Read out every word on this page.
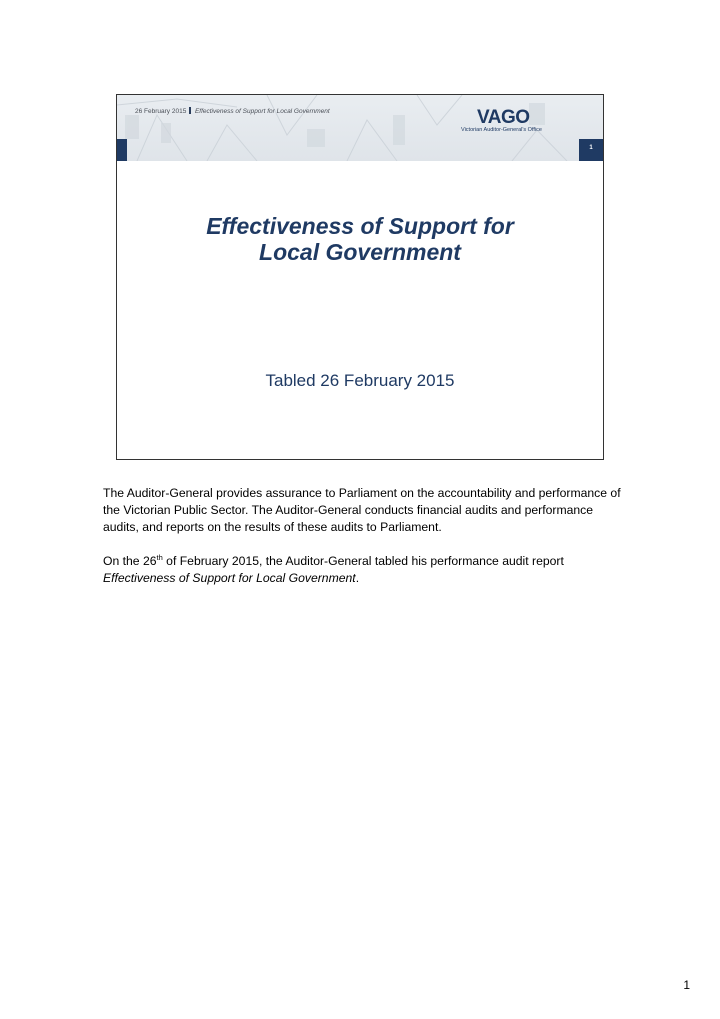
26 February 2015 Effectiveness of Support for Local Government	VAGO
Victorian Auditor-General's Office
1
Effectiveness of Support for
Local Government
Tabled 26 February 2015

The Auditor-General provides assurance to Parliament on the accountability and performance of the Victorian Public Sector. The Auditor-General conducts financial audits and performance audits, and reports on the results of these audits to Parliament.

On the 26th of February 2015, the Auditor-General tabled his performance audit report
Effectiveness of Support for Local Government.

1
